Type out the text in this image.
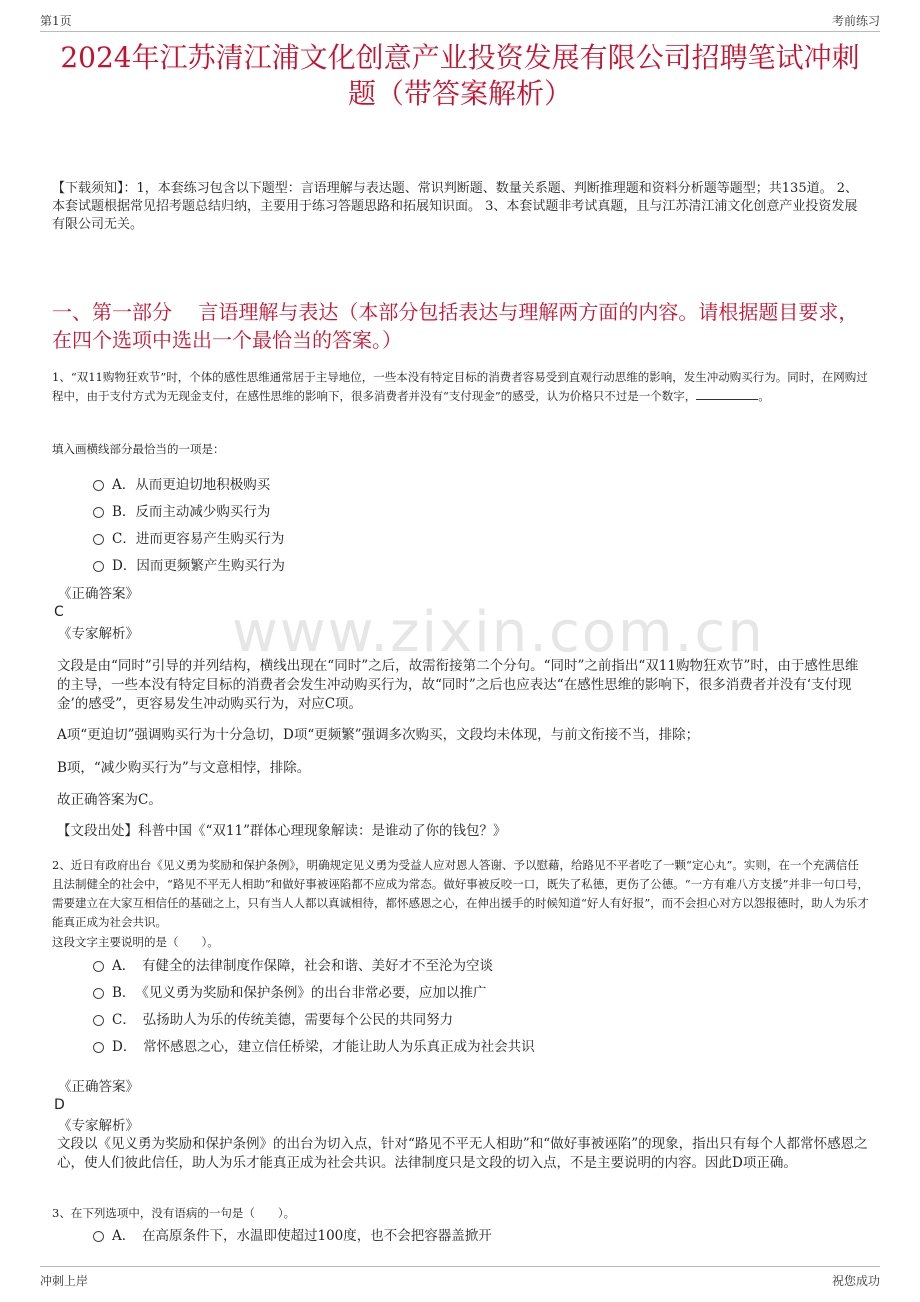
第1页	考前练习
2024年江苏清江浦文化创意产业投资发展有限公司招聘笔试冲刺题（带答案解析）
【下载须知】：1，本套练习包含以下题型：言语理解与表达题、常识判断题、数量关系题、判断推理题和资料分析题等题型；共135道。 2、本套试题根据常见招考题总结归纳，主要用于练习答题思路和拓展知识面。 3、本套试题非考试真题，且与江苏清江浦文化创意产业投资发展有限公司无关。
一、第一部分　 言语理解与表达（本部分包括表达与理解两方面的内容。请根据题目要求，在四个选项中选出一个最恰当的答案。）
1、“双11购物狂欢节”时，个体的感性思维通常居于主导地位，一些本没有特定目标的消费者容易受到直观行动思维的影响，发生冲动购买行为。同时，在网购过程中，由于支付方式为无现金支付，在感性思维的影响下，很多消费者并没有“支付现金”的感受，认为价格只不过是一个数字，	。
填入画横线部分最恰当的一项是：
A．从而更迫切地积极购买
B．反而主动减少购买行为
C．进而更容易产生购买行为
D．因而更频繁产生购买行为
《正确答案》
C
《专家解析》 www.zixin.com.cn
文段是由“同时”引导的并列结构，横线出现在“同时”之后，故需衔接第二个分句。“同时”之前指出“双11购物狂欢节”时，由于感性思维的主导，一些本没有特定目标的消费者会发生冲动购买行为，故“同时”之后也应表达“在感性思维的影响下，很多消费者并没有‘支付现金’的感受”，更容易发生冲动购买行为，对应C项。
A项“更迫切”强调购买行为十分急切，D项“更频繁”强调多次购买，文段均未体现，与前文衔接不当，排除；
B项，“减少购买行为”与文意相悖，排除。
故正确答案为C。
【文段出处】科普中国《“双11”群体心理现象解读：是谁动了你的钱包？》
2、近日有政府出台《见义勇为奖励和保护条例》，明确规定见义勇为受益人应对恩人答谢、予以慰藉，给路见不平者吃了一颗“定心丸”。实则，在一个充满信任且法制健全的社会中，“路见不平无人相助”和做好事被诬陷都不应成为常态。做好事被反咬一口，既失了私德，更伤了公德。“一方有难八方支援”并非一句口号，需要建立在大家互相信任的基础之上，只有当人人都以真诚相待，都怀感恩之心，在伸出援手的时候知道“好人有好报”，而不会担心对方以怨报德时，助人为乐才能真正成为社会共识。
这段文字主要说明的是（　　）。
A．　有健全的法律制度作保障，社会和谐、美好才不至沦为空谈
B．　《见义勇为奖励和保护条例》的出台非常必要，应加以推广
C．　弘扬助人为乐的传统美德，需要每个公民的共同努力
D．　常怀感恩之心，建立信任桥梁，才能让助人为乐真正成为社会共识
《正确答案》
D
《专家解析》
文段以《见义勇为奖励和保护条例》的出台为切入点，针对“路见不平无人相助”和“做好事被诬陷”的现象，指出只有每个人都常怀感恩之心，使人们彼此信任，助人为乐才能真正成为社会共识。法律制度只是文段的切入点，不是主要说明的内容。因此D项正确。
3、在下列选项中，没有语病的一句是（　　）。
A．　在高原条件下，水温即使超过100度，也不会把容器盖掀开
冲刺上岸	祝您成功
